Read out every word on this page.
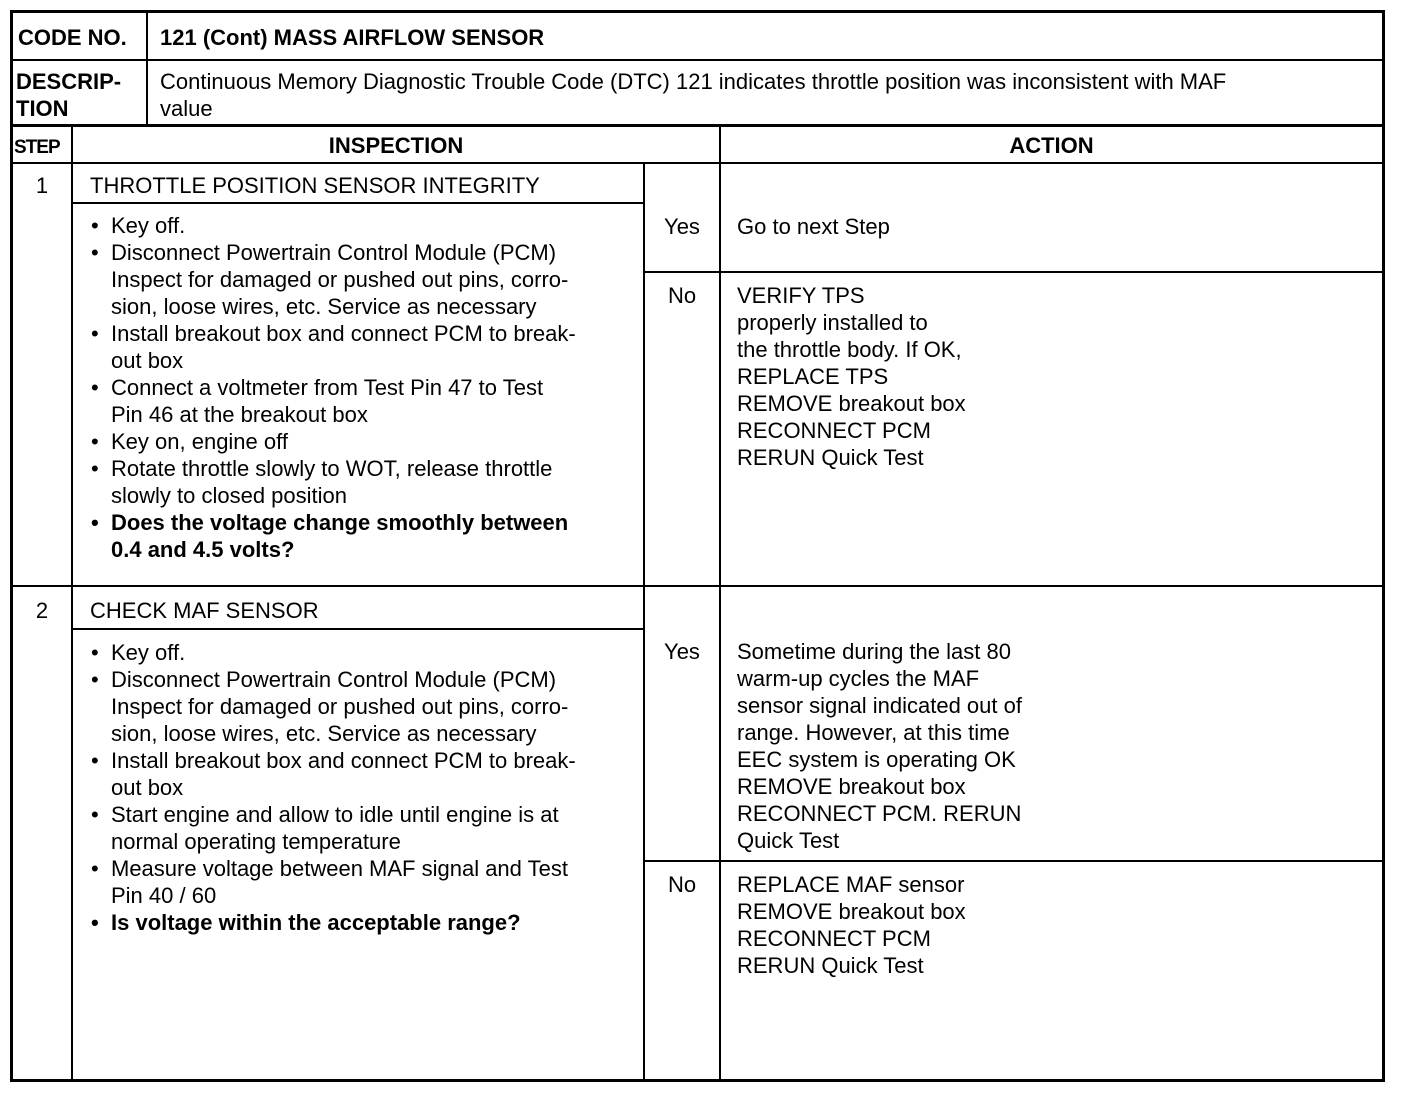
CODE NO. 121 (Cont) MASS AIRFLOW SENSOR
DESCRIP-
TION
Continuous Memory Diagnostic Trouble Code (DTC) 121 indicates throttle position was inconsistent with MAF
value
STEP	INSPECTION	ACTION
1	THROTTLE POSITION SENSOR INTEGRITY
• Key off.
• Disconnect Powertrain Control Module (PCM)
Inspect for damaged or pushed out pins, corro-
sion, loose wires, etc. Service as necessary
• Install breakout box and connect PCM to break-
out box
• Connect a voltmeter from Test Pin 47 to Test
Pin 46 at the breakout box
• Key on, engine off
• Rotate throttle slowly to WOT, release throttle
slowly to closed position
• Does the voltage change smoothly between
0.4 and 4.5 volts?
Yes	Go to next Step
No	VERIFY TPS
properly installed to
the throttle body. If OK,
REPLACE TPS
REMOVE breakout box
RECONNECT PCM
RERUN Quick Test
2	CHECK MAF SENSOR
• Key off.
• Disconnect Powertrain Control Module (PCM)
Inspect for damaged or pushed out pins, corro-
sion, loose wires, etc. Service as necessary
• Install breakout box and connect PCM to break-
out box
• Start engine and allow to idle until engine is at
normal operating temperature
• Measure voltage between MAF signal and Test
Pin 40 / 60
• Is voltage within the acceptable range?
Yes	Sometime during the last 80
warm-up cycles the MAF
sensor signal indicated out of
range. However, at this time
EEC system is operating OK
REMOVE breakout box
RECONNECT PCM. RERUN
Quick Test
No	REPLACE MAF sensor
REMOVE breakout box
RECONNECT PCM
RERUN Quick Test
